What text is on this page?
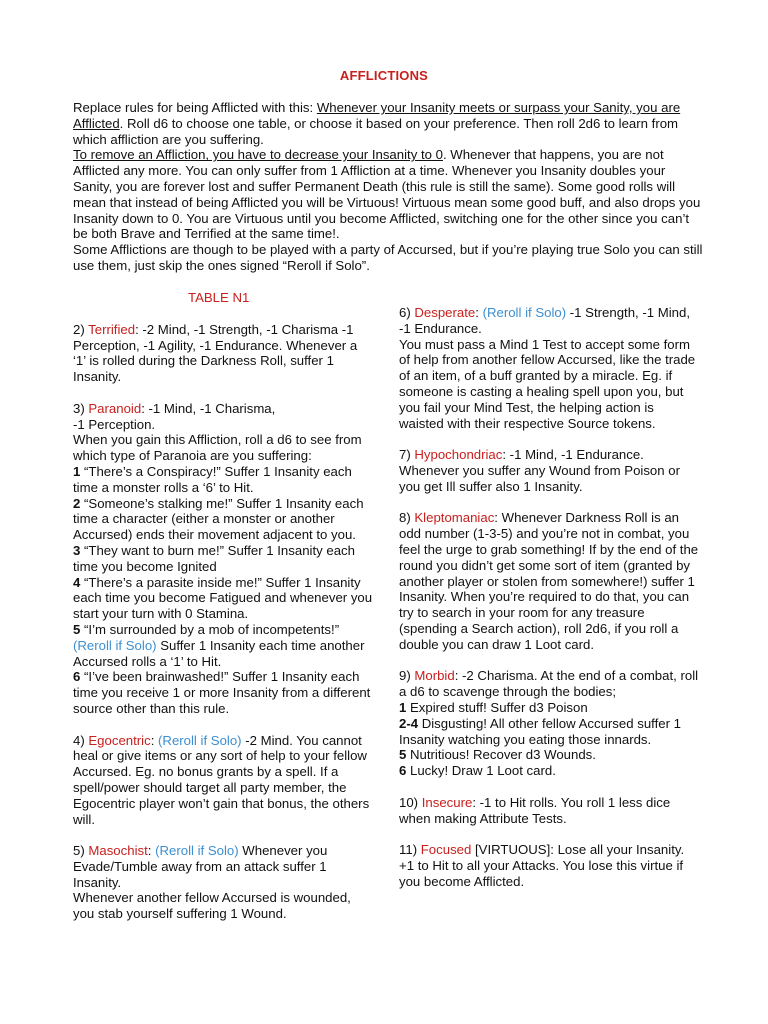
AFFLICTIONS

Replace rules for being Afflicted with this: Whenever your Insanity meets or surpass your Sanity, you are Afflicted. Roll d6 to choose one table, or choose it based on your preference. Then roll 2d6 to learn from which affliction are you suffering.

To remove an Affliction, you have to decrease your Insanity to 0. Whenever that happens, you are not Afflicted any more. You can only suffer from 1 Affliction at a time. Whenever you Insanity doubles your Sanity, you are forever lost and suffer Permanent Death (this rule is still the same). Some good rolls will mean that instead of being Afflicted you will be Virtuous! Virtuous mean some good buff, and also drops you Insanity down to 0. You are Virtuous until you become Afflicted, switching one for the other since you can’t be both Brave and Terrified at the same time!.

Some Afflictions are though to be played with a party of Accursed, but if you’re playing true Solo you can still use them, just skip the ones signed “Reroll if Solo”.

TABLE N1

2) Terrified: -2 Mind, -1 Strength, -1 Charisma -1 Perception, -1 Agility, -1 Endurance. Whenever a ‘1’ is rolled during the Darkness Roll, suffer 1 Insanity.

3) Paranoid: -1 Mind, -1 Charisma,

-1 Perception.

When you gain this Affliction, roll a d6 to see from which type of Paranoia are you suffering:

1 “There’s a Conspiracy!” Suffer 1 Insanity each time a monster rolls a ‘6’ to Hit.

2 “Someone’s stalking me!” Suffer 1 Insanity each time a character (either a monster or another Accursed) ends their movement adjacent to you.

3 “They want to burn me!” Suffer 1 Insanity each time you become Ignited

4 “There’s a parasite inside me!” Suffer 1 Insanity each time you become Fatigued and whenever you start your turn with 0 Stamina.

5 “I’m surrounded by a mob of incompetents!” (Reroll if Solo) Suffer 1 Insanity each time another Accursed rolls a ‘1’ to Hit.

6 “I’ve been brainwashed!” Suffer 1 Insanity each time you receive 1 or more Insanity from a different source other than this rule.

4) Egocentric: (Reroll if Solo) -2 Mind. You cannot heal or give items or any sort of help to your fellow Accursed. Eg. no bonus grants by a spell. If a spell/power should target all party member, the Egocentric player won’t gain that bonus, the others will.

5) Masochist: (Reroll if Solo) Whenever you Evade/Tumble away from an attack suffer 1 Insanity.

Whenever another fellow Accursed is wounded, you stab yourself suffering 1 Wound.

6) Desperate: (Reroll if Solo) -1 Strength, -1 Mind, -1 Endurance.

You must pass a Mind 1 Test to accept some form of help from another fellow Accursed, like the trade of an item, of a buff granted by a miracle. Eg. if someone is casting a healing spell upon you, but you fail your Mind Test, the helping action is waisted with their respective Source tokens.

7) Hypochondriac: -1 Mind, -1 Endurance. Whenever you suffer any Wound from Poison or you get Ill suffer also 1 Insanity.

8) Kleptomaniac: Whenever Darkness Roll is an odd number (1-3-5) and you’re not in combat, you feel the urge to grab something! If by the end of the round you didn’t get some sort of item (granted by another player or stolen from somewhere!) suffer 1 Insanity. When you’re required to do that, you can try to search in your room for any treasure (spending a Search action), roll 2d6, if you roll a double you can draw 1 Loot card.

9) Morbid: -2 Charisma. At the end of a combat, roll a d6 to scavenge through the bodies;

1 Expired stuff! Suffer d3 Poison

2-4 Disgusting! All other fellow Accursed suffer 1 Insanity watching you eating those innards.

5 Nutritious! Recover d3 Wounds.

6 Lucky! Draw 1 Loot card.

10) Insecure: -1 to Hit rolls. You roll 1 less dice when making Attribute Tests.

11) Focused [VIRTUOUS]: Lose all your Insanity. +1 to Hit to all your Attacks. You lose this virtue if you become Afflicted.
